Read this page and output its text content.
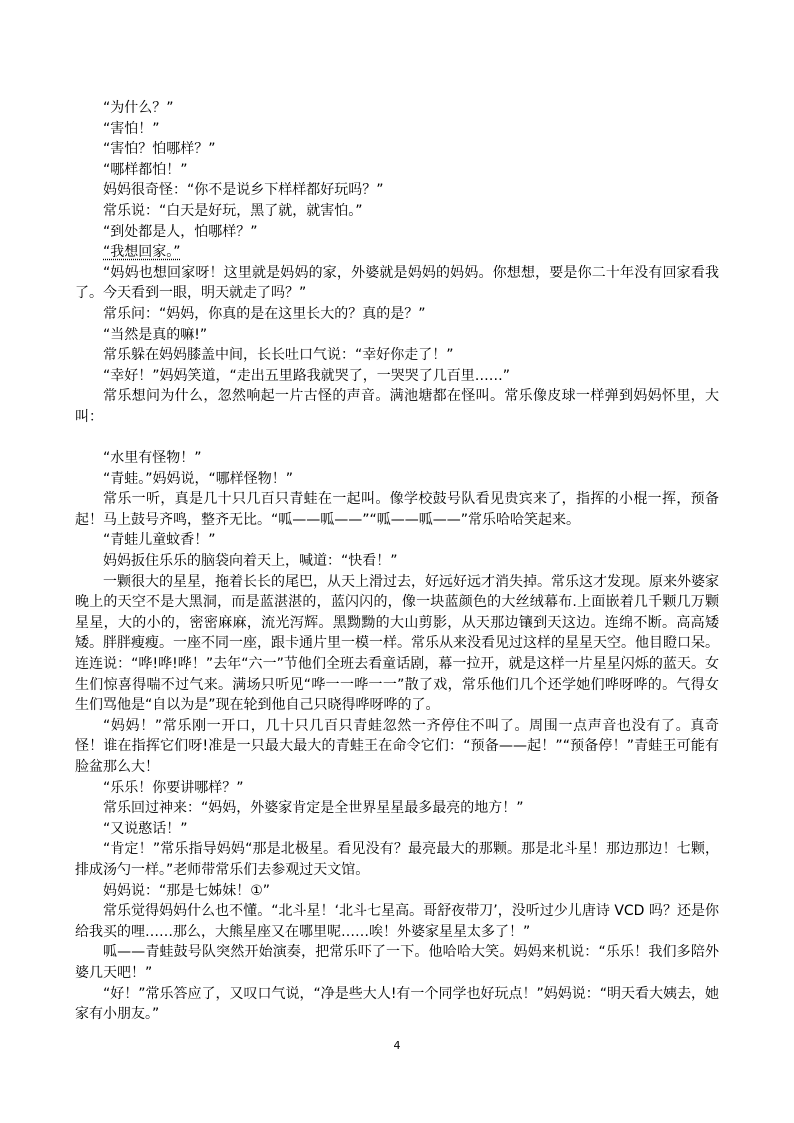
“为什么？”

“害怕！”

“害怕？怕哪样？”

“哪样都怕！”

妈妈很奇怪：“你不是说乡下样样都好玩吗？”

常乐说：“白天是好玩，黑了就，就害怕。”

“到处都是人，怕哪样？”

“我想回家。”

“妈妈也想回家呀！这里就是妈妈的家，外婆就是妈妈的妈妈。你想想，要是你二十年没有回家看我了。今天看到一眼，明天就走了吗？”

常乐问：“妈妈，你真的是在这里长大的？真的是？”

“当然是真的嘛!”

常乐躲在妈妈膝盖中间，长长吐口气说：“幸好你走了！”

“幸好！”妈妈笑道，“走出五里路我就哭了，一哭哭了几百里……”

常乐想问为什么，忽然响起一片古怪的声音。满池塘都在怪叫。常乐像皮球一样弹到妈妈怀里，大叫：

“水里有怪物！”

“青蛙。”妈妈说，“哪样怪物！”

常乐一听，真是几十只几百只青蛙在一起叫。像学校鼓号队看见贵宾来了，指挥的小棍一挥，预备起！马上鼓号齐鸣，整齐无比。“呱——呱——”“呱——呱——”常乐哈哈笑起来。

“青蛙儿童蚊香！”

妈妈扳住乐乐的脑袋向着天上，喊道：“快看！”

一颗很大的星星，拖着长长的尾巴，从天上滑过去，好远好远才消失掉。常乐这才发现。原来外婆家晚上的天空不是大黑洞，而是蓝湛湛的，蓝闪闪的，像一块蓝颜色的大丝绒幕布.上面嵌着几千颗几万颗星星，大的小的，密密麻麻，流光泻辉。黑黝黝的大山剪影，从天那边镶到天这边。连绵不断。高高矮矮。胖胖瘦瘦。一座不同一座，跟卡通片里一模一样。常乐从来没看见过这样的星星天空。他目瞪口呆。连连说：“哗!哗!哗！”去年“六一”节他们全班去看童话剧，幕一拉开，就是这样一片星星闪烁的蓝天。女生们惊喜得喘不过气来。满场只听见“哗一一哗一一”散了戏，常乐他们几个还学她们哗呀哗的。气得女生们骂他是“自以为是”现在轮到他自己只晓得哗呀哗的了。

“妈妈！”常乐刚一开口，几十只几百只青蛙忽然一齐停住不叫了。周围一点声音也没有了。真奇怪！谁在指挥它们呀!准是一只最大最大的青蛙王在命令它们：“预备——起！”“预备停！”青蛙王可能有脸盆那么大！

“乐乐！你要讲哪样？”

常乐回过神来：“妈妈，外婆家肯定是全世界星星最多最亮的地方！”

“又说憨话！”

“肯定！”常乐指导妈妈“那是北极星。看见没有？最亮最大的那颗。那是北斗星！那边那边！七颗，排成汤勺一样。”老师带常乐们去参观过天文馆。

妈妈说：“那是七姊妹！①”

常乐觉得妈妈什么也不懂。“北斗星！‘北斗七星高。哥舒夜带刀’，没听过少儿唐诗 VCD 吗？还是你给我买的哩……那么，大熊星座又在哪里呢……唉！外婆家星星太多了！”

呱——青蛙鼓号队突然开始演奏，把常乐吓了一下。他哈哈大笑。妈妈来机说：“乐乐！我们多陪外婆几天吧！”

“好！”常乐答应了，又叹口气说，“净是些大人!有一个同学也好玩点！”妈妈说：“明天看大姨去，她家有小朋友。”

4
